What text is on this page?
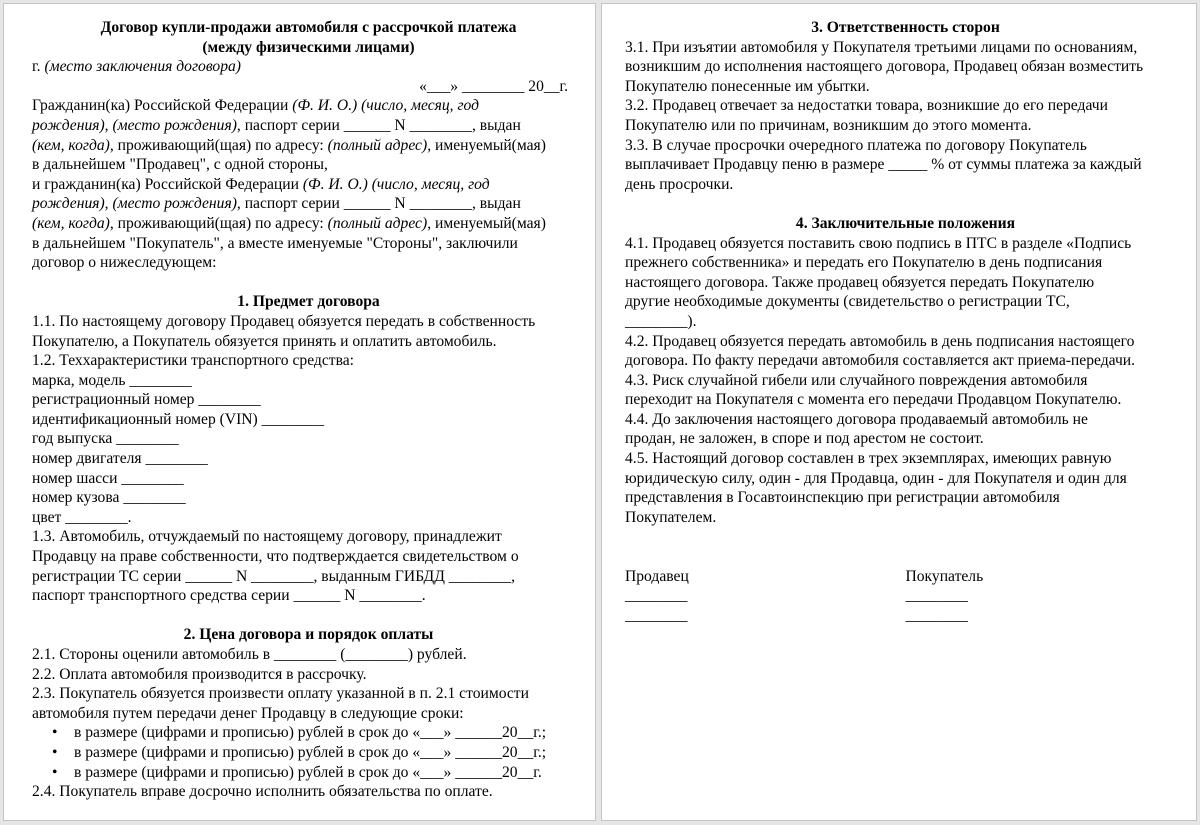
Договор купли-продажи автомобиля с рассрочкой платежа
(между физическими лицами)
г. (место заключения договора)
«___» ________ 20__г.
Гражданин(ка) Российской Федерации (Ф. И. О.) (число, месяц, год
рождения), (место рождения), паспорт серии ______ N ________, выдан
(кем, когда), проживающий(щая) по адресу: (полный адрес), именуемый(мая)
в дальнейшем "Продавец", с одной стороны,
и гражданин(ка) Российской Федерации (Ф. И. О.) (число, месяц, год
рождения), (место рождения), паспорт серии ______ N ________, выдан
(кем, когда), проживающий(щая) по адресу: (полный адрес), именуемый(мая)
в дальнейшем "Покупатель", а вместе именуемые "Стороны", заключили
договор о нижеследующем:
1. Предмет договора
1.1. По настоящему договору Продавец обязуется передать в собственность
Покупателю, а Покупатель обязуется принять и оплатить автомобиль.
1.2. Теххарактеристики транспортного средства:
марка, модель ________
регистрационный номер ________
идентификационный номер (VIN) ________
год выпуска ________
номер двигателя ________
номер шасси ________
номер кузова ________
цвет ________.
1.3. Автомобиль, отчуждаемый по настоящему договору, принадлежит
Продавцу на праве собственности, что подтверждается свидетельством о
регистрации ТС серии ______ N ________, выданным ГИБДД ________,
паспорт транспортного средства серии ______ N ________.
2. Цена договора и порядок оплаты
2.1. Стороны оценили автомобиль в ________ (________) рублей.
2.2. Оплата автомобиля производится в рассрочку.
2.3. Покупатель обязуется произвести оплату указанной в п. 2.1 стоимости
автомобиля путем передачи денег Продавцу в следующие сроки:
• в размере (цифрами и прописью) рублей в срок до «___» ______20__г.;
• в размере (цифрами и прописью) рублей в срок до «___» ______20__г.;
• в размере (цифрами и прописью) рублей в срок до «___» ______20__г.
2.4. Покупатель вправе досрочно исполнить обязательства по оплате.
3. Ответственность сторон
3.1. При изъятии автомобиля у Покупателя третьими лицами по основаниям,
возникшим до исполнения настоящего договора, Продавец обязан возместить
Покупателю понесенные им убытки.
3.2. Продавец отвечает за недостатки товара, возникшие до его передачи
Покупателю или по причинам, возникшим до этого момента.
3.3. В случае просрочки очередного платежа по договору Покупатель
выплачивает Продавцу пеню в размере _____ % от суммы платежа за каждый
день просрочки.
4. Заключительные положения
4.1. Продавец обязуется поставить свою подпись в ПТС в разделе «Подпись
прежнего собственника» и передать его Покупателю в день подписания
настоящего договора. Также продавец обязуется передать Покупателю
другие необходимые документы (свидетельство о регистрации ТС,
________).
4.2. Продавец обязуется передать автомобиль в день подписания настоящего
договора. По факту передачи автомобиля составляется акт приема-передачи.
4.3. Риск случайной гибели или случайного повреждения автомобиля
переходит на Покупателя с момента его передачи Продавцом Покупателю.
4.4. До заключения настоящего договора продаваемый автомобиль не
продан, не заложен, в споре и под арестом не состоит.
4.5. Настоящий договор составлен в трех экземплярах, имеющих равную
юридическую силу, один - для Продавца, один - для Покупателя и один для
представления в Госавтоинспекцию при регистрации автомобиля
Покупателем.
Продавец
________
________
Покупатель
________
________
